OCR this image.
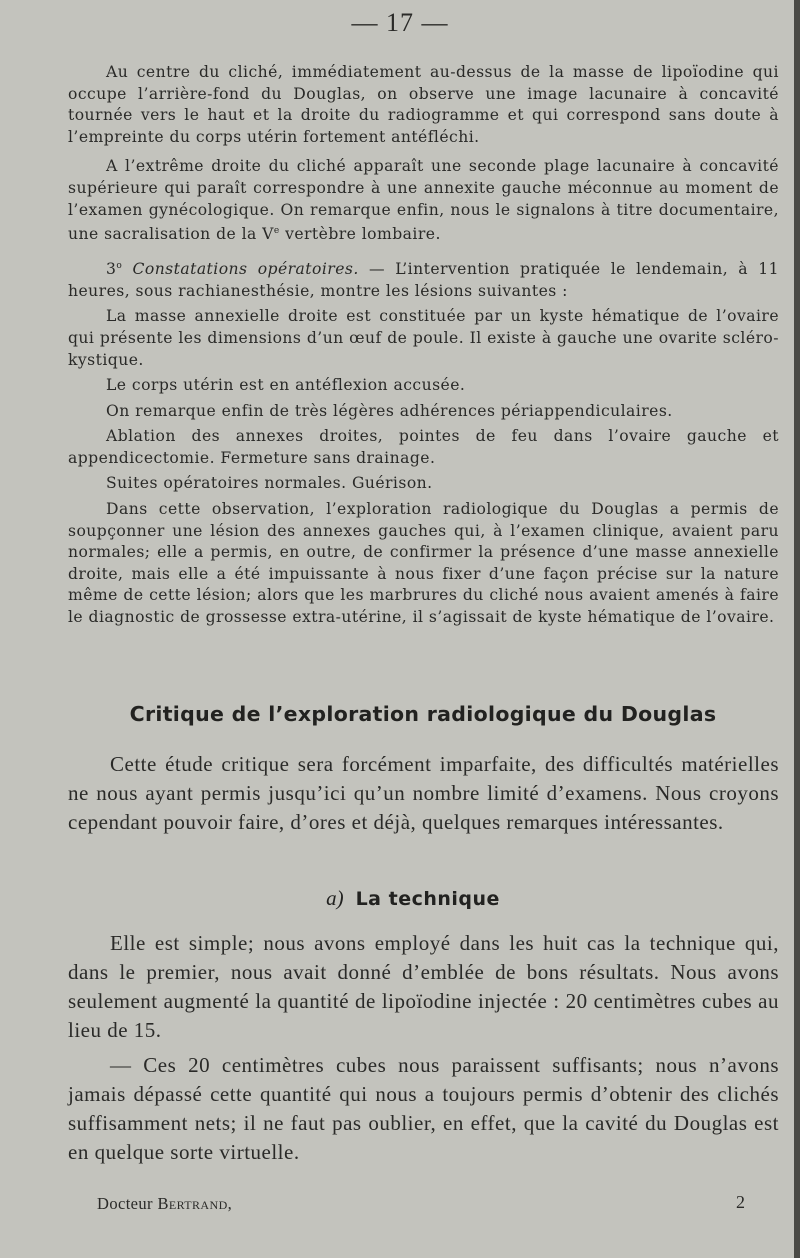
— 17 —

Au centre du cliché, immédiatement au-dessus de la masse de lipoïodine qui occupe l’arrière-fond du Douglas, on observe une image lacunaire à concavité tournée vers le haut et la droite du radiogramme et qui correspond sans doute à l’empreinte du corps utérin fortement antéfléchi.

A l’extrême droite du cliché apparaît une seconde plage lacunaire à concavité supérieure qui paraît correspondre à une annexite gauche méconnue au moment de l’examen gynécologique. On remarque enfin, nous le signalons à titre documentaire, une sacralisation de la Ve vertèbre lombaire.

3$^o$ Constatations opératoires. — L’intervention pratiquée le lendemain, à 11 heures, sous rachianesthésie, montre les lésions suivantes :

La masse annexielle droite est constituée par un kyste hématique de l’ovaire qui présente les dimensions d’un œuf de poule. Il existe à gauche une ovarite scléro-kystique.

Le corps utérin est en antéflexion accusée.

On remarque enfin de très légères adhérences périappendiculaires.

Ablation des annexes droites, pointes de feu dans l’ovaire gauche et appendicectomie. Fermeture sans drainage.

Suites opératoires normales. Guérison.

Dans cette observation, l’exploration radiologique du Douglas a permis de soupçonner une lésion des annexes gauches qui, à l’examen clinique, avaient paru normales; elle a permis, en outre, de confirmer la présence d’une masse annexielle droite, mais elle a été impuissante à nous fixer d’une façon précise sur la nature même de cette lésion; alors que les marbrures du cliché nous avaient amenés à faire le diagnostic de grossesse extra-utérine, il s’agissait de kyste hématique de l’ovaire.

Critique de l’exploration radiologique du Douglas

Cette étude critique sera forcément imparfaite, des difficultés matérielles ne nous ayant permis jusqu’ici qu’un nombre limité d’examens. Nous croyons cependant pouvoir faire, d’ores et déjà, quelques remarques intéressantes.

a) La technique

Elle est simple; nous avons employé dans les huit cas la technique qui, dans le premier, nous avait donné d’emblée de bons résultats. Nous avons seulement augmenté la quantité de lipoïodine injectée : 20 centimètres cubes au lieu de 15.

— Ces 20 centimètres cubes nous paraissent suffisants; nous n’avons jamais dépassé cette quantité qui nous a toujours permis d’obtenir des clichés suffisamment nets; il ne faut pas oublier, en effet, que la cavité du Douglas est en quelque sorte virtuelle.

Docteur Bertrand,	2
